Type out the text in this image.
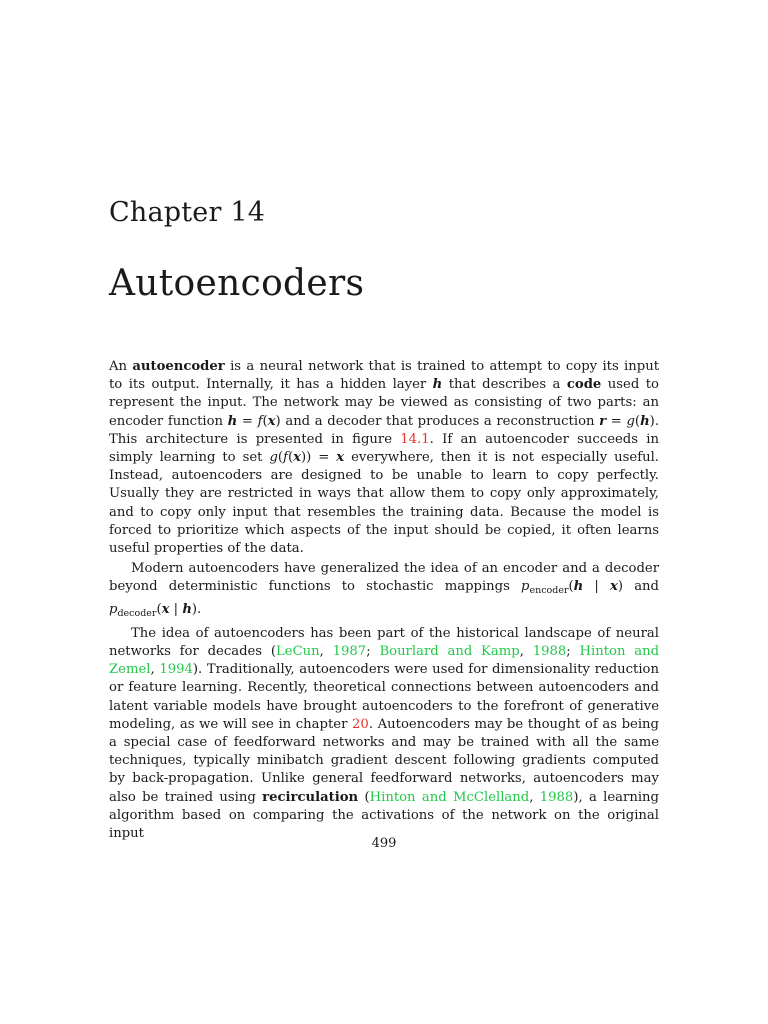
Chapter 14
Autoencoders

An autoencoder is a neural network that is trained to attempt to copy its input to its output. Internally, it has a hidden layer h that describes a code used to represent the input. The network may be viewed as consisting of two parts: an encoder function h = f(x) and a decoder that produces a reconstruction r = g(h). This architecture is presented in figure 14.1. If an autoencoder succeeds in simply learning to set g(f(x)) = x everywhere, then it is not especially useful. Instead, autoencoders are designed to be unable to learn to copy perfectly. Usually they are restricted in ways that allow them to copy only approximately, and to copy only input that resembles the training data. Because the model is forced to prioritize which aspects of the input should be copied, it often learns useful properties of the data.

Modern autoencoders have generalized the idea of an encoder and a decoder beyond deterministic functions to stochastic mappings $p_{encoder}(h$ | x) and $p_{decoder}(x$ | h).

The idea of autoencoders has been part of the historical landscape of neural networks for decades (LeCun, 1987; Bourlard and Kamp, 1988; Hinton and Zemel, 1994). Traditionally, autoencoders were used for dimensionality reduction or feature learning. Recently, theoretical connections between autoencoders and latent variable models have brought autoencoders to the forefront of generative modeling, as we will see in chapter 20. Autoencoders may be thought of as being a special case of feedforward networks and may be trained with all the same techniques, typically minibatch gradient descent following gradients computed by back-propagation. Unlike general feedforward networks, autoencoders may also be trained using recirculation (Hinton and McClelland, 1988), a learning algorithm based on comparing the activations of the network on the original input

499
